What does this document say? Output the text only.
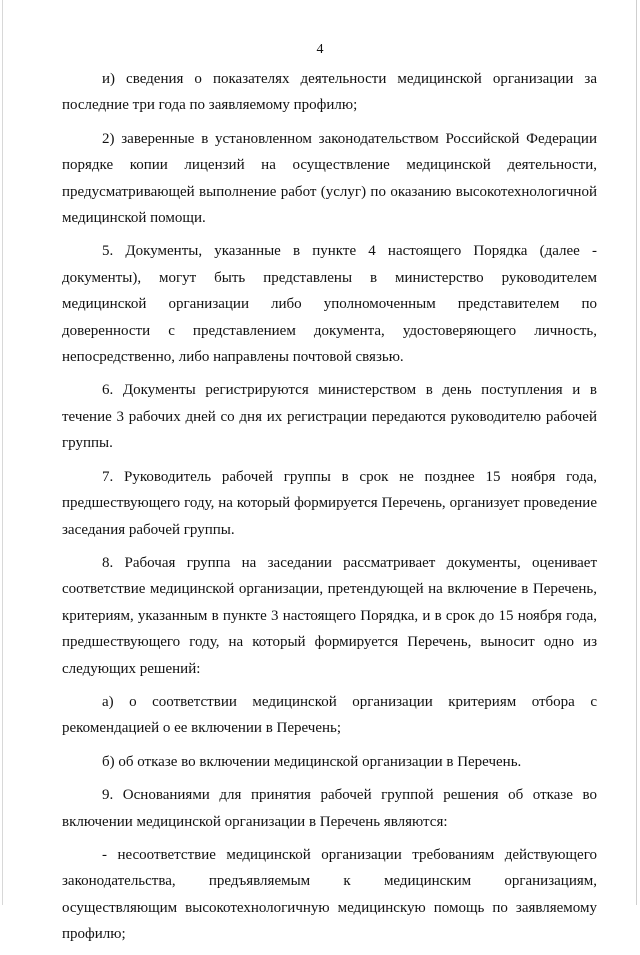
4

и) сведения о показателях деятельности медицинской организации за последние три года по заявляемому профилю;

2) заверенные в установленном законодательством Российской Федерации порядке копии лицензий на осуществление медицинской деятельности, предусматривающей выполнение работ (услуг) по оказанию высокотехнологичной медицинской помощи.

5. Документы, указанные в пункте 4 настоящего Порядка (далее - документы), могут быть представлены в министерство руководителем медицинской организации либо уполномоченным представителем по доверенности с представлением документа, удостоверяющего личность, непосредственно, либо направлены почтовой связью.

6. Документы регистрируются министерством в день поступления и в течение 3 рабочих дней со дня их регистрации передаются руководителю рабочей группы.

7. Руководитель рабочей группы в срок не позднее 15 ноября года, предшествующего году, на который формируется Перечень, организует проведение заседания рабочей группы.

8. Рабочая группа на заседании рассматривает документы, оценивает соответствие медицинской организации, претендующей на включение в Перечень, критериям, указанным в пункте 3 настоящего Порядка, и в срок до 15 ноября года, предшествующего году, на который формируется Перечень, выносит одно из следующих решений:

а) о соответствии медицинской организации критериям отбора с рекомендацией о ее включении в Перечень;

б) об отказе во включении медицинской организации в Перечень.

9. Основаниями для принятия рабочей группой решения об отказе во включении медицинской организации в Перечень являются:

- несоответствие медицинской организации требованиям действующего законодательства, предъявляемым к медицинским организациям, осуществляющим высокотехнологичную медицинскую помощь по заявляемому профилю;
